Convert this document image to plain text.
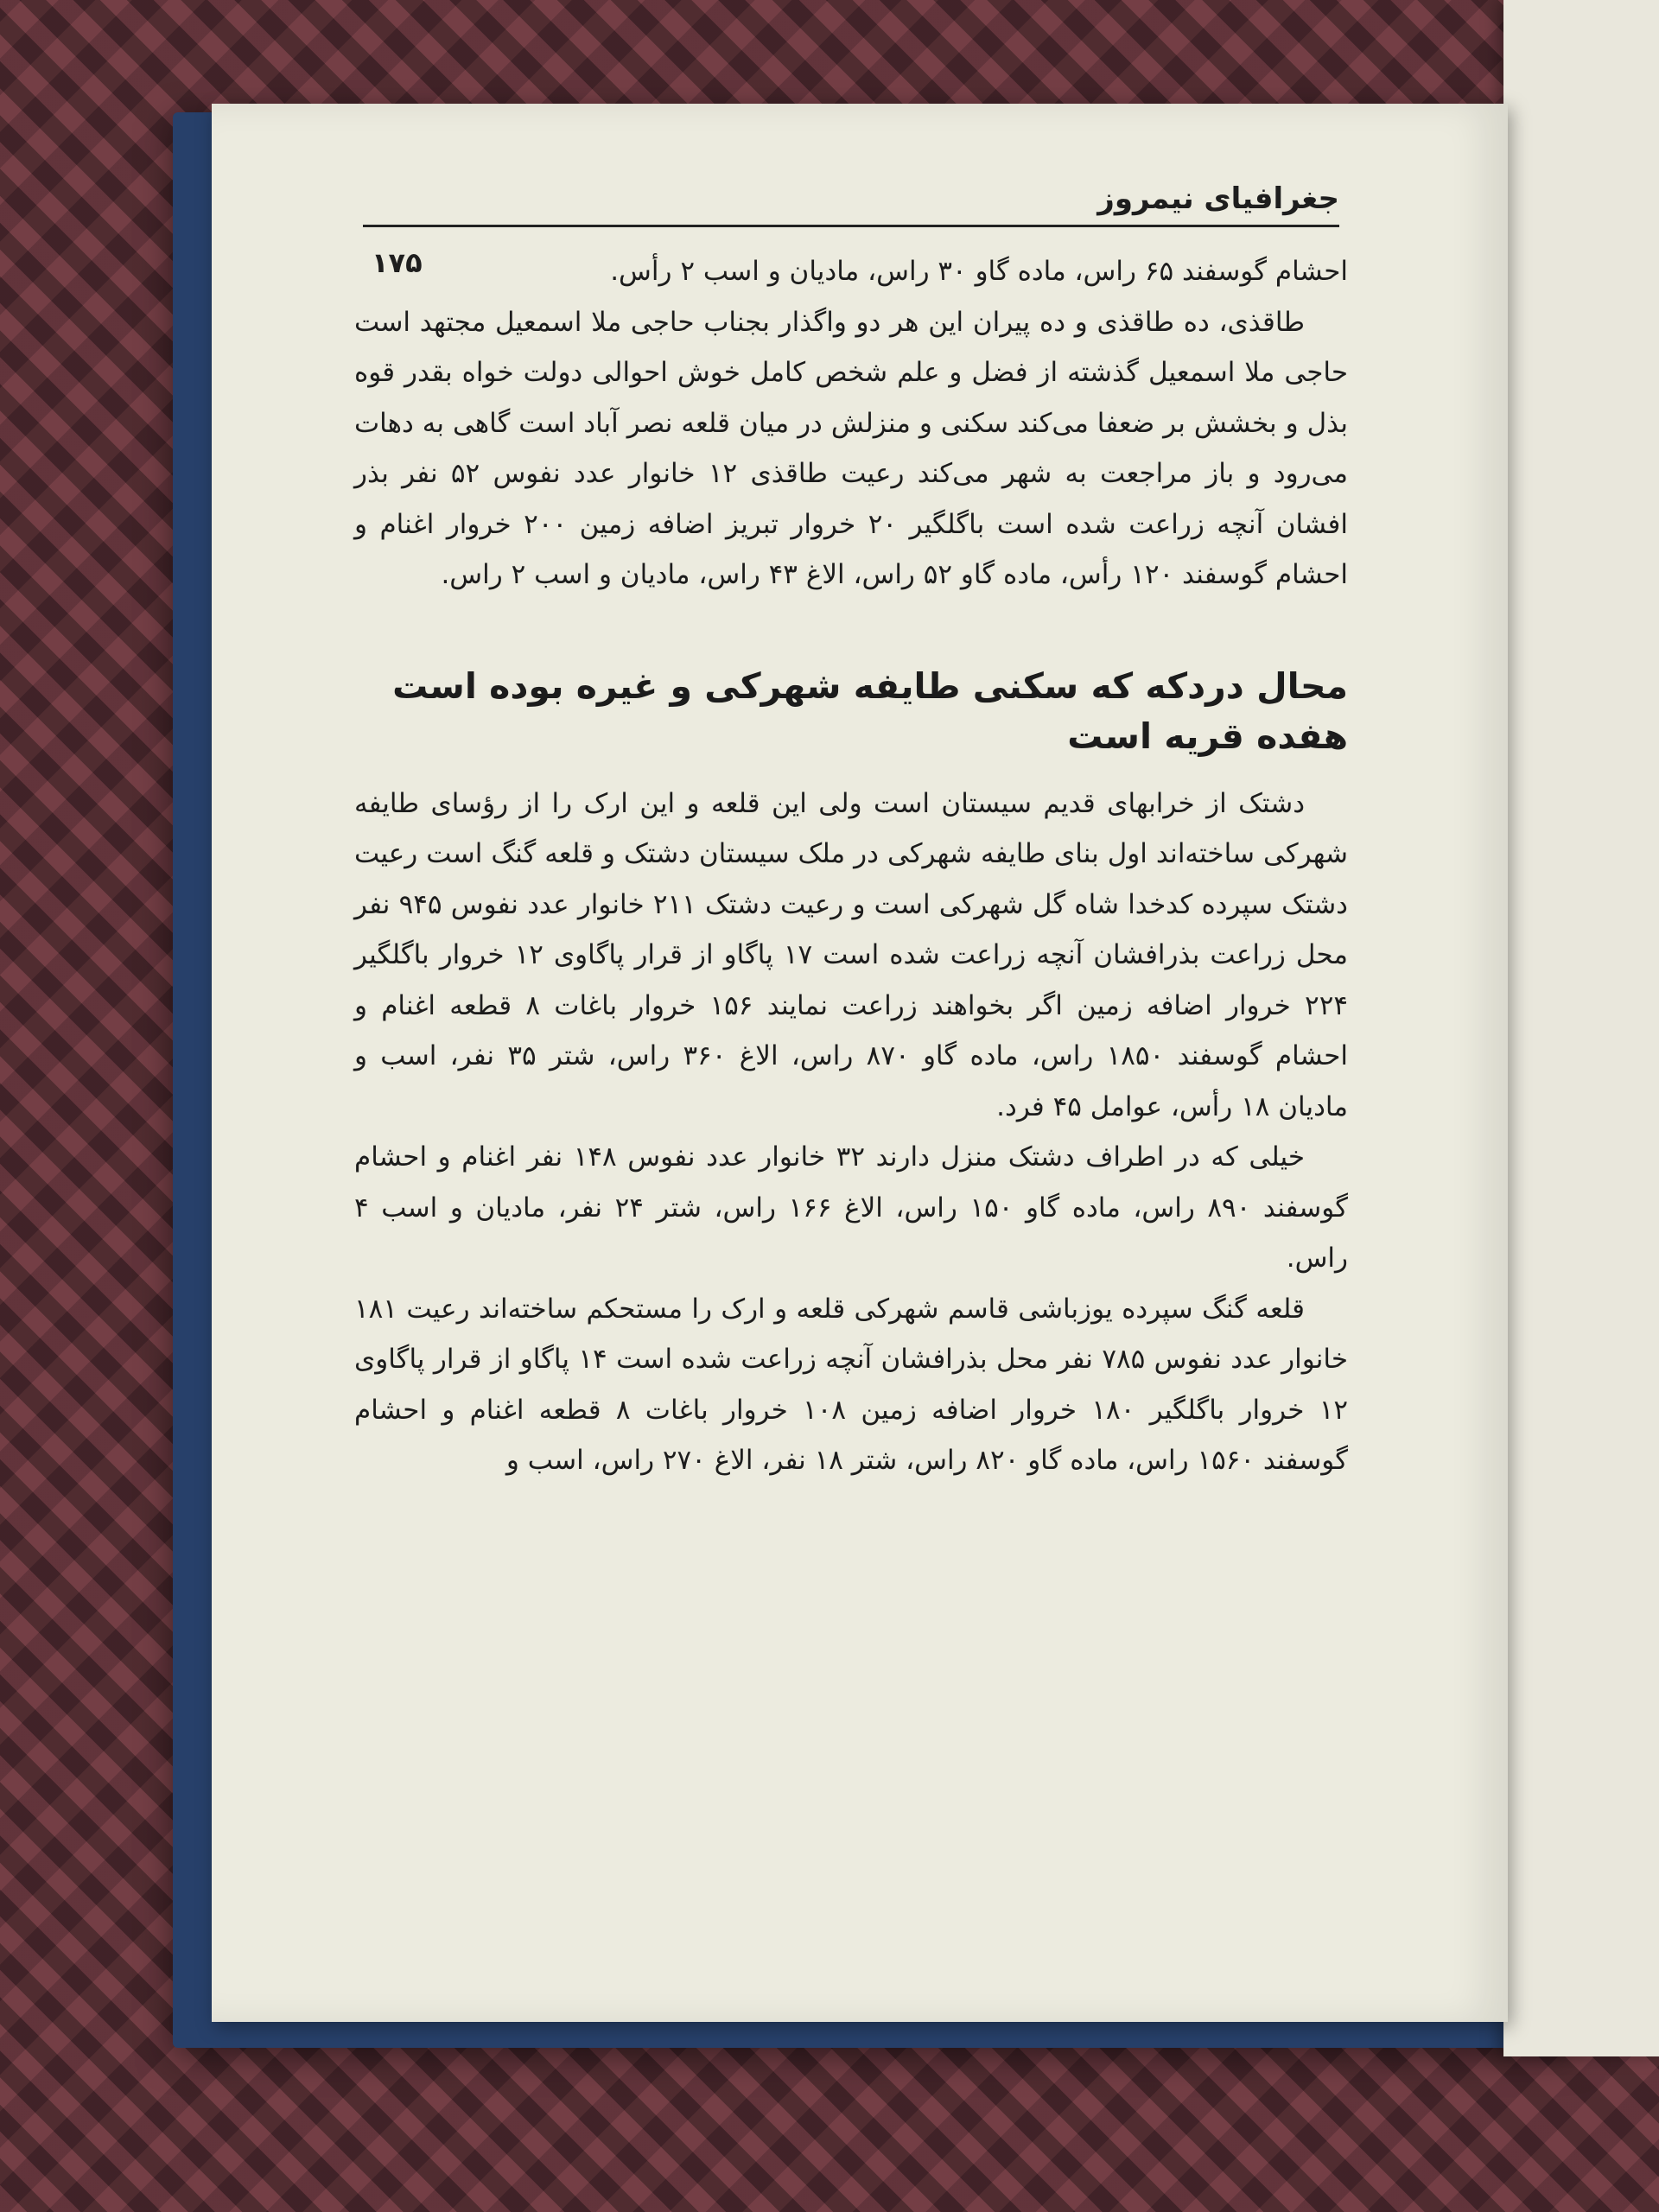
جغرافیای نیمروز
۱۷۵	احشام گوسفند ۶۵ راس، ماده گاو ۳۰ راس، مادیان و اسب ۲ رأس.

طاقذی، ده طاقذی و ده پیران این هر دو واگذار بجناب حاجی ملا اسمعیل مجتهد است حاجی ملا اسمعیل گذشته از فضل و علم شخص کامل خوش احوالی دولت خواه بقدر قوه بذل و بخشش بر ضعفا می‌کند سکنی و منزلش در میان قلعه نصر آباد است گاهی به دهات می‌رود و باز مراجعت به شهر می‌کند رعیت طاقذی ۱۲ خانوار عدد نفوس ۵۲ نفر بذر افشان آنچه زراعت شده است باگلگیر ۲۰ خروار تبریز اضافه زمین ۲۰۰ خروار اغنام و احشام گوسفند ۱۲۰ رأس، ماده گاو ۵۲ راس، الاغ ۴۳ راس، مادیان و اسب ۲ راس.

محال دردکه که سکنی طایفه شهرکی و غیره بوده است هفده قریه است

دشتک از خرابهای قدیم سیستان است ولی این قلعه و این ارک را از رؤسای طایفه شهرکی ساخته‌اند اول بنای طایفه شهرکی در ملک سیستان دشتک و قلعه گنگ است رعیت دشتک سپرده کدخدا شاه گل شهرکی است و رعیت دشتک ۲۱۱ خانوار عدد نفوس ۹۴۵ نفر محل زراعت بذرافشان آنچه زراعت شده است ۱۷ پاگاو از قرار پاگاوی ۱۲ خروار باگلگیر ۲۲۴ خروار اضافه زمین اگر بخواهند زراعت نمایند ۱۵۶ خروار باغات ۸ قطعه اغنام و احشام گوسفند ۱۸۵۰ راس، ماده گاو ۸۷۰ راس، الاغ ۳۶۰ راس، شتر ۳۵ نفر، اسب و مادیان ۱۸ رأس، عوامل ۴۵ فرد.

خیلی که در اطراف دشتک منزل دارند ۳۲ خانوار عدد نفوس ۱۴۸ نفر اغنام و احشام گوسفند ۸۹۰ راس، ماده گاو ۱۵۰ راس، الاغ ۱۶۶ راس، شتر ۲۴ نفر، مادیان و اسب ۴ راس.

قلعه گنگ سپرده یوزباشی قاسم شهرکی قلعه و ارک را مستحکم ساخته‌اند رعیت ۱۸۱ خانوار عدد نفوس ۷۸۵ نفر محل بذرافشان آنچه زراعت شده است ۱۴ پاگاو از قرار پاگاوی ۱۲ خروار باگلگیر ۱۸۰ خروار اضافه زمین ۱۰۸ خروار باغات ۸ قطعه اغنام و احشام گوسفند ۱۵۶۰ راس، ماده گاو ۸۲۰ راس، شتر ۱۸ نفر، الاغ ۲۷۰ راس، اسب و
